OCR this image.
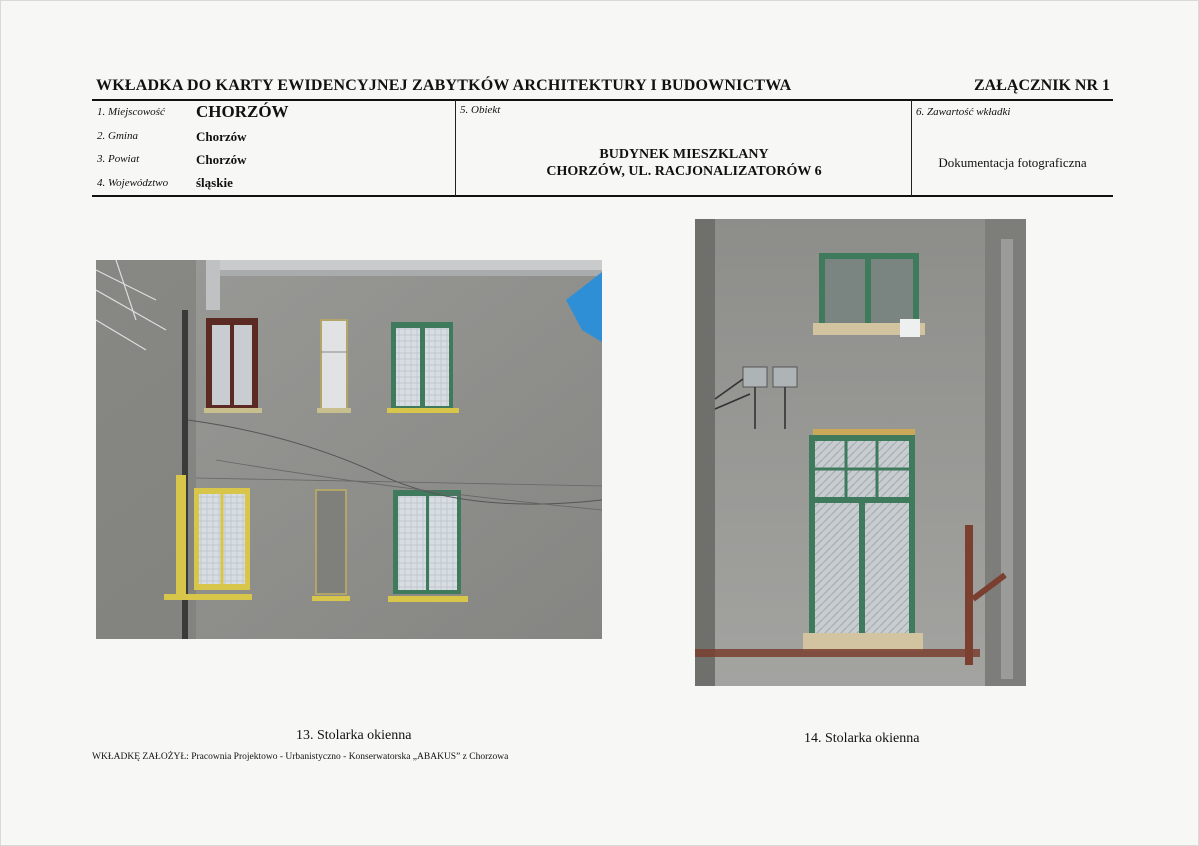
WKŁADKA DO KARTY EWIDENCYJNEJ ZABYTKÓW ARCHITEKTURY I BUDOWNICTWA	ZAŁĄCZNIK NR 1
1. Miejscowość CHORZÓW
2. Gmina	Chorzów
3. Powiat	Chorzów
4. Województwo śląskie
5. Obiekt
BUDYNEK MIESZKLANY
CHORZÓW, UL. RACJONALIZATORÓW 6
6. Zawartość wkładki
Dokumentacja fotograficzna
13. Stolarka okienna	14. Stolarka okienna
WKŁADKĘ ZAŁOŻYŁ: Pracownia Projektowo - Urbanistyczno - Konserwatorska „ABAKUS” z Chorzowa
